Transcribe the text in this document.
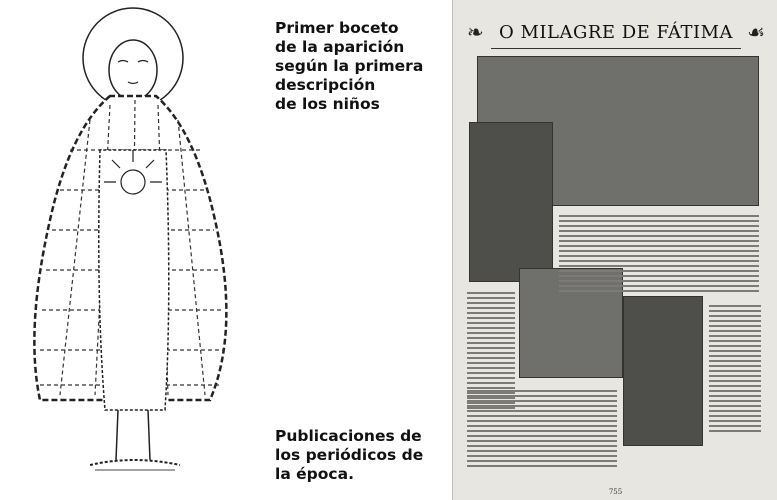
Primer boceto
de la aparición
según la primera
descripción
de los niños
Publicaciones de
los periódicos de
la época.
❧ O MILAGRE DE FÁTIMA ☙
755
